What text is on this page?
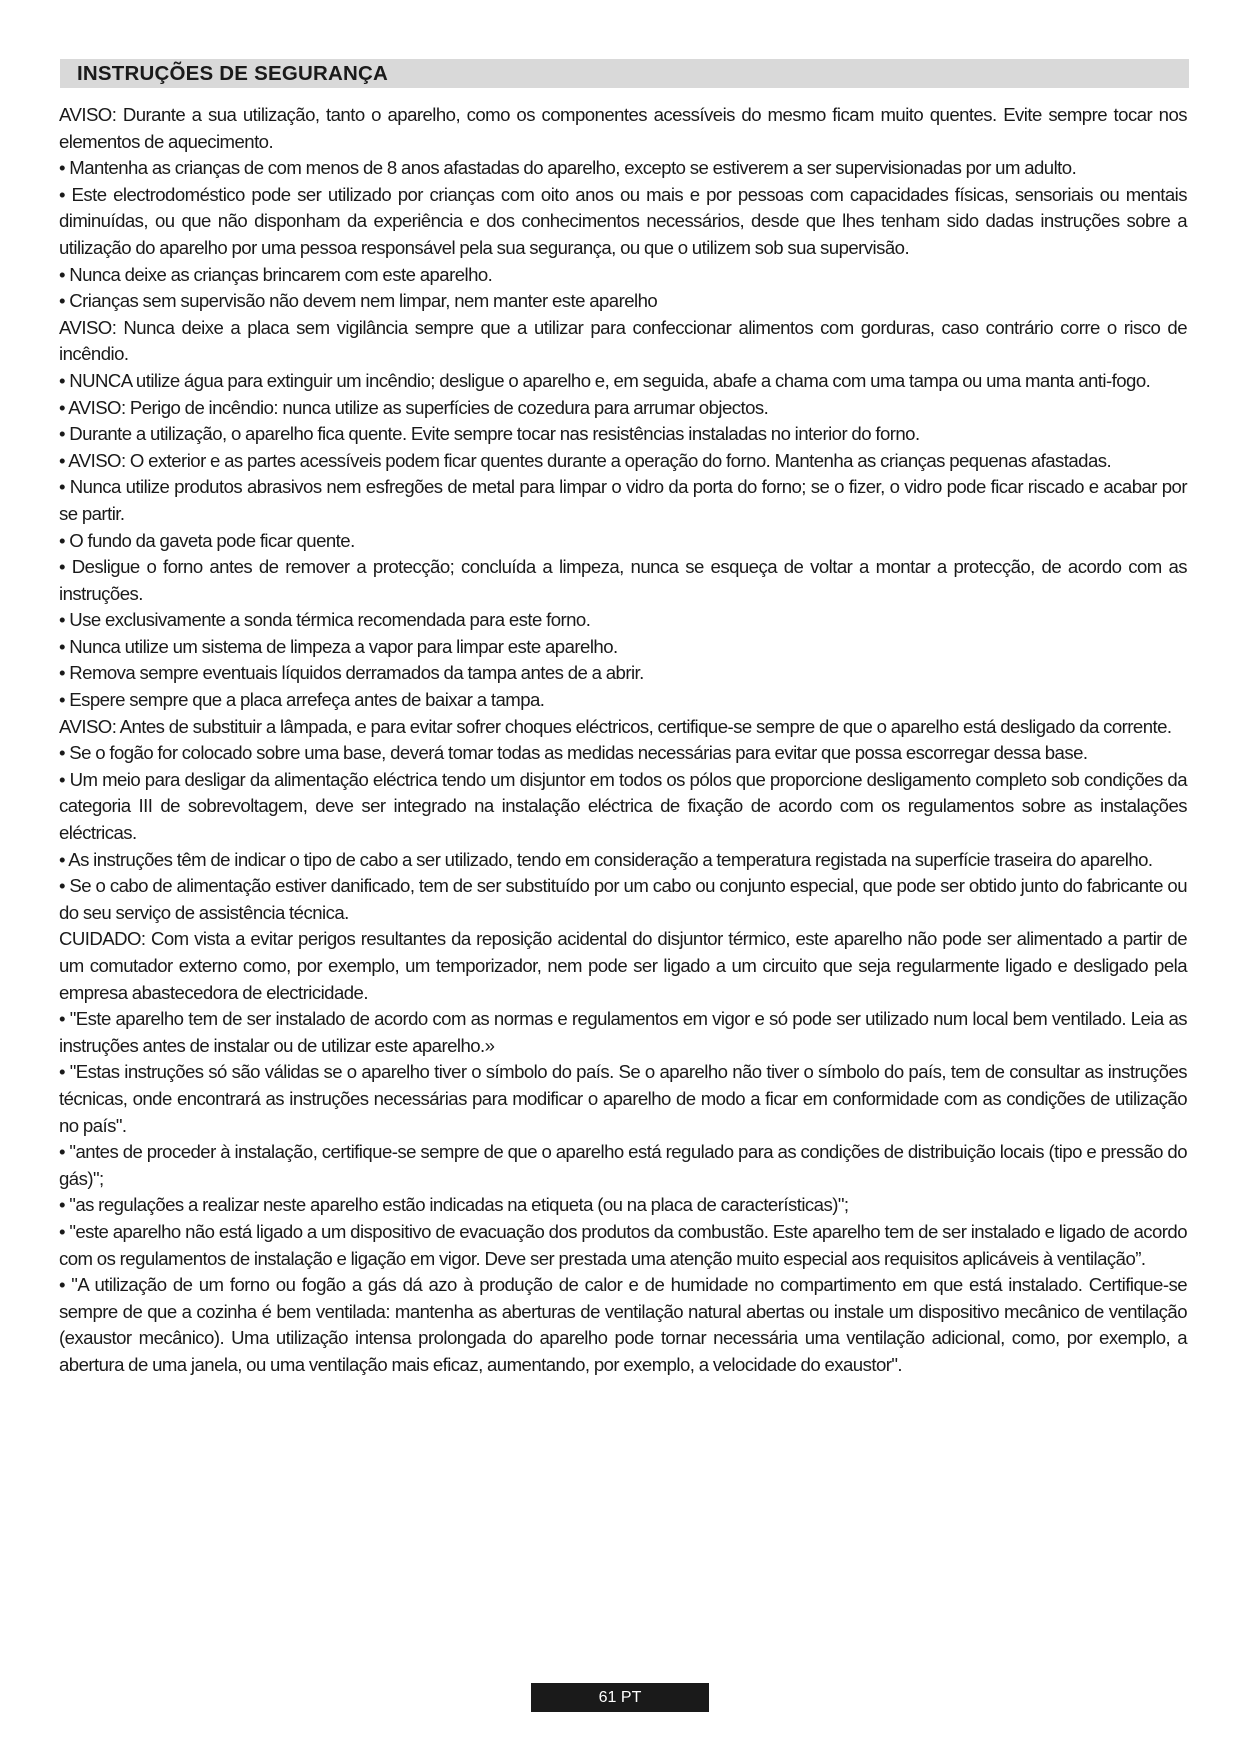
INSTRUÇÕES DE SEGURANÇA

AVISO: Durante a sua utilização, tanto o aparelho, como os componentes acessíveis do mesmo ficam muito quentes. Evite sempre tocar nos elementos de aquecimento.

• Mantenha as crianças de com menos de 8 anos afastadas do aparelho, excepto se estiverem a ser supervisionadas por um adulto.

• Este electrodoméstico pode ser utilizado por crianças com oito anos ou mais e por pessoas com capacidades físicas, sensoriais ou mentais diminuídas, ou que não disponham da experiência e dos conhecimentos necessários, desde que lhes tenham sido dadas instruções sobre a utilização do aparelho por uma pessoa responsável pela sua segurança, ou que o utilizem sob sua supervisão.

• Nunca deixe as crianças brincarem com este aparelho.

• Crianças sem supervisão não devem nem limpar, nem manter este aparelho

AVISO: Nunca deixe a placa sem vigilância sempre que a utilizar para confeccionar alimentos com gorduras, caso contrário corre o risco de incêndio.

• NUNCA utilize água para extinguir um incêndio; desligue o aparelho e, em seguida, abafe a chama com uma tampa ou uma manta anti-fogo.

• AVISO: Perigo de incêndio: nunca utilize as superfícies de cozedura para arrumar objectos.

• Durante a utilização, o aparelho fica quente. Evite sempre tocar nas resistências instaladas no interior do forno.

• AVISO: O exterior e as partes acessíveis podem ficar quentes durante a operação do forno. Mantenha as crianças pequenas afastadas.

• Nunca utilize produtos abrasivos nem esfregões de metal para limpar o vidro da porta do forno; se o fizer, o vidro pode ficar riscado e acabar por se partir.

• O fundo da gaveta pode ficar quente.

• Desligue o forno antes de remover a protecção; concluída a limpeza, nunca se esqueça de voltar a montar a protecção, de acordo com as instruções.

• Use exclusivamente a sonda térmica recomendada para este forno.

• Nunca utilize um sistema de limpeza a vapor para limpar este aparelho.

• Remova sempre eventuais líquidos derramados da tampa antes de a abrir.

• Espere sempre que a placa arrefeça antes de baixar a tampa.

AVISO: Antes de substituir a lâmpada, e para evitar sofrer choques eléctricos, certifique-se sempre de que o aparelho está desligado da corrente.

• Se o fogão for colocado sobre uma base, deverá tomar todas as medidas necessárias para evitar que possa escorregar dessa base.

• Um meio para desligar da alimentação eléctrica tendo um disjuntor em todos os pólos que proporcione desligamento completo sob condições da categoria III de sobrevoltagem, deve ser integrado na instalação eléctrica de fixação de acordo com os regulamentos sobre as instalações eléctricas.

• As instruções têm de indicar o tipo de cabo a ser utilizado, tendo em consideração a temperatura registada na superfície traseira do aparelho.

• Se o cabo de alimentação estiver danificado, tem de ser substituído por um cabo ou conjunto especial, que pode ser obtido junto do fabricante ou do seu serviço de assistência técnica.

CUIDADO: Com vista a evitar perigos resultantes da reposição acidental do disjuntor térmico, este aparelho não pode ser alimentado a partir de um comutador externo como, por exemplo, um temporizador, nem pode ser ligado a um circuito que seja regularmente ligado e desligado pela empresa abastecedora de electricidade.

• "Este aparelho tem de ser instalado de acordo com as normas e regulamentos em vigor e só pode ser utilizado num local bem ventilado. Leia as instruções antes de instalar ou de utilizar este aparelho.»

• "Estas instruções só são válidas se o aparelho tiver o símbolo do país. Se o aparelho não tiver o símbolo do país, tem de consultar as instruções técnicas, onde encontrará as instruções necessárias para modificar o aparelho de modo a ficar em conformidade com as condições de utilização no país".

• "antes de proceder à instalação, certifique-se sempre de que o aparelho está regulado para as condições de distribuição locais (tipo e pressão do gás)";

• "as regulações a realizar neste aparelho estão indicadas na etiqueta (ou na placa de características)";

• "este aparelho não está ligado a um dispositivo de evacuação dos produtos da combustão. Este aparelho tem de ser instalado e ligado de acordo com os regulamentos de instalação e ligação em vigor. Deve ser prestada uma atenção muito especial aos requisitos aplicáveis à ventilação”.

• "A utilização de um forno ou fogão a gás dá azo à produção de calor e de humidade no compartimento em que está instalado. Certifique-se sempre de que a cozinha é bem ventilada: mantenha as aberturas de ventilação natural abertas ou instale um dispositivo mecânico de ventilação (exaustor mecânico). Uma utilização intensa prolongada do aparelho pode tornar necessária uma ventilação adicional, como, por exemplo, a abertura de uma janela, ou uma ventilação mais eficaz, aumentando, por exemplo, a velocidade do exaustor".

61 PT
